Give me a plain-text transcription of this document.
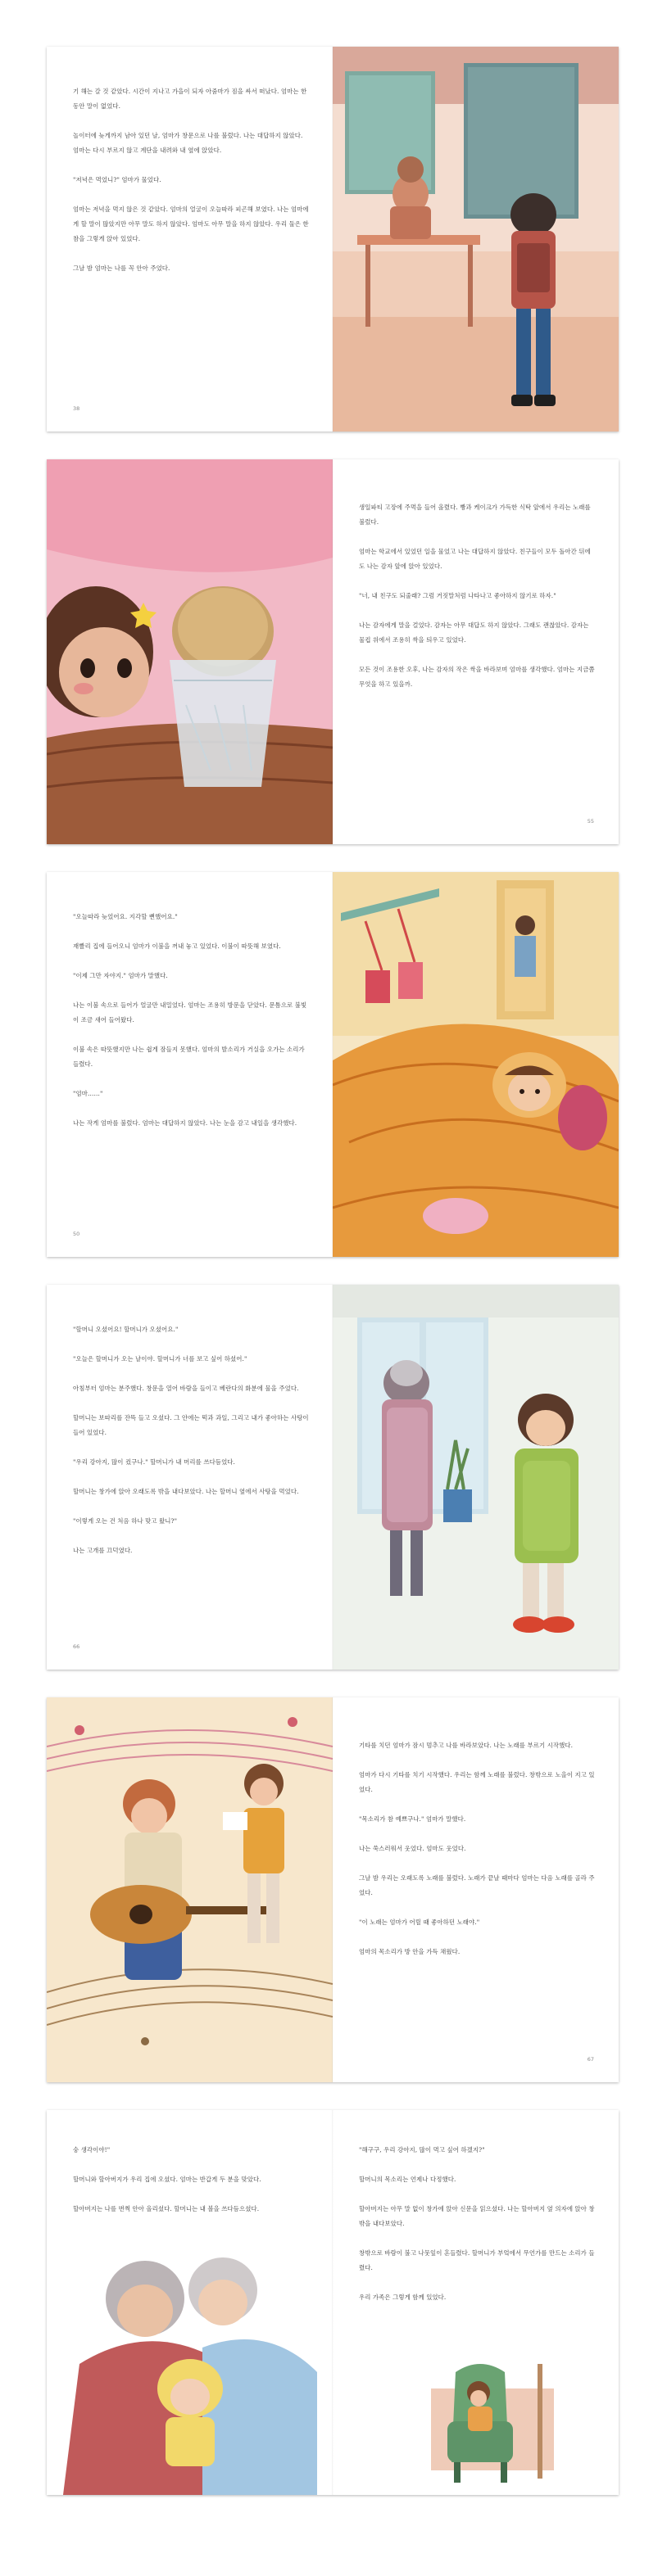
기 해는 갈 것 같았다. 시간이 지나고 가을이 되자 아줌마가 짐을 싸서 떠났다. 엄마는 한동안 말이 없었다.

놀이터에 늦게까지 남아 있던 날, 엄마가 창문으로 나를 불렀다. 나는 대답하지 않았다. 엄마는 다시 부르지 않고 계단을 내려와 내 옆에 앉았다.

"저녁은 먹었니?" 엄마가 물었다.

엄마는 저녁을 먹지 않은 것 같았다. 엄마의 얼굴이 오늘따라 피곤해 보였다. 나는 엄마에게 할 말이 많았지만 아무 말도 하지 않았다. 엄마도 아무 말을 하지 않았다. 우리 둘은 한참을 그렇게 앉아 있었다.

그날 밤 엄마는 나를 꼭 안아 주었다.
38
생일파티 고장에 주먹을 들어 올렸다. 빵과 케이크가 가득한 식탁 앞에서 우리는 노래를 불렀다.

엄마는 학교에서 있었던 일을 물었고 나는 대답하지 않았다. 친구들이 모두 돌아간 뒤에도 나는 감자 앞에 앉아 있었다.

"너, 내 친구도 되줄래? 그럼 거짓말처럼 나타나고 좋아하지 않기로 하자."

나는 감자에게 말을 걸었다. 감자는 아무 대답도 하지 않았다. 그래도 괜찮았다. 감자는 물컵 위에서 조용히 싹을 틔우고 있었다.

모든 것이 조용한 오후, 나는 감자의 작은 싹을 바라보며 엄마를 생각했다. 엄마는 지금쯤 무엇을 하고 있을까.
55
"오늘따라 늦었어요. 지각할 뻔했어요."

재빨리 집에 들어오니 엄마가 이불을 꺼내 놓고 있었다. 이불이 따뜻해 보였다.

"이제 그만 자야지." 엄마가 말했다.

나는 이불 속으로 들어가 얼굴만 내밀었다. 엄마는 조용히 방문을 닫았다. 문틈으로 불빛이 조금 새어 들어왔다.

이불 속은 따뜻했지만 나는 쉽게 잠들지 못했다. 엄마의 발소리가 거실을 오가는 소리가 들렸다.

"엄마……"

나는 작게 엄마를 불렀다. 엄마는 대답하지 않았다. 나는 눈을 감고 내일을 생각했다.
50
"할머니 오셨어요! 할머니가 오셨어요."

"오늘은 할머니가 오는 날이야. 할머니가 너를 보고 싶어 하셨어."

아침부터 엄마는 분주했다. 창문을 열어 바람을 들이고 베란다의 화분에 물을 주었다.

할머니는 보따리를 잔뜩 들고 오셨다. 그 안에는 떡과 과일, 그리고 내가 좋아하는 사탕이 들어 있었다.

"우리 강아지, 많이 컸구나." 할머니가 내 머리를 쓰다듬었다.

할머니는 창가에 앉아 오래도록 밖을 내다보았다. 나는 할머니 옆에서 사탕을 먹었다.

"이렇게 오는 건 처음 하나 맞고 왔니?"

나는 고개를 끄덕였다.
66
기타를 치던 엄마가 잠시 멈추고 나를 바라보았다. 나는 노래를 부르기 시작했다.

엄마가 다시 기타를 치기 시작했다. 우리는 함께 노래를 불렀다. 창밖으로 노을이 지고 있었다.

"목소리가 참 예쁘구나." 엄마가 말했다.

나는 쑥스러워서 웃었다. 엄마도 웃었다.

그날 밤 우리는 오래도록 노래를 불렀다. 노래가 끝날 때마다 엄마는 다음 노래를 골라 주었다.

"이 노래는 엄마가 어릴 때 좋아하던 노래야."

엄마의 목소리가 방 안을 가득 채웠다.
67
숭 생각이야!"

할머니와 할아버지가 우리 집에 오셨다. 엄마는 반갑게 두 분을 맞았다.

할아버지는 나를 번쩍 안아 올리셨다. 할머니는 내 볼을 쓰다듬으셨다.
"해구구, 우리 강아지, 많이 먹고 싶어 하겠지?"

할머니의 목소리는 언제나 다정했다.

할아버지는 아무 말 없이 창가에 앉아 신문을 읽으셨다. 나는 할아버지 옆 의자에 앉아 창밖을 내다보았다.

창밖으로 바람이 불고 나뭇잎이 흔들렸다. 할머니가 부엌에서 무언가를 만드는 소리가 들렸다.

우리 가족은 그렇게 함께 있었다.
